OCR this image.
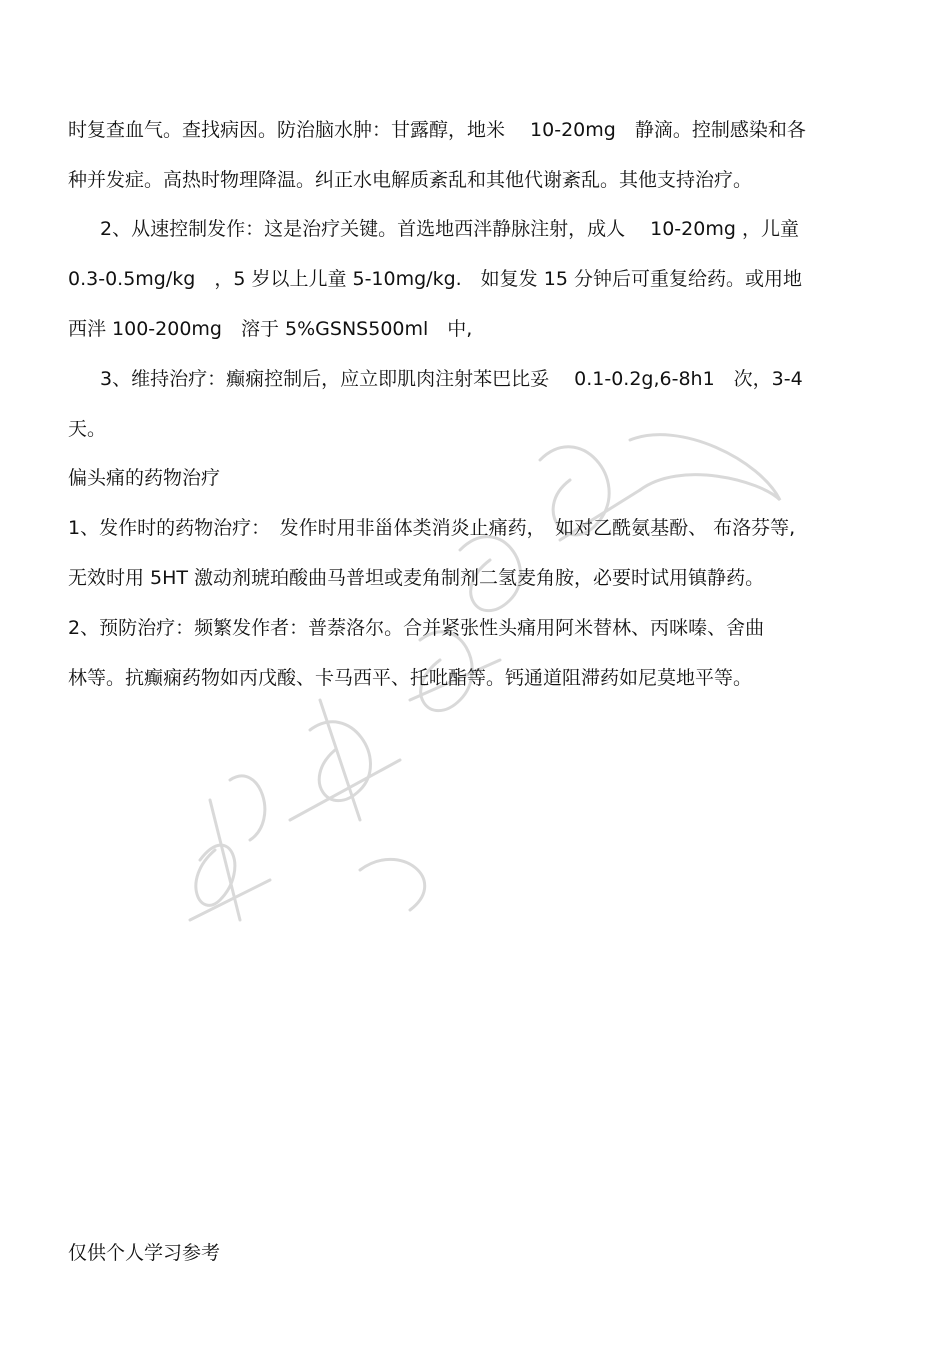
时复查血气。查找病因。防治脑水肿：甘露醇，地米　 10-20mg　静滴。控制感染和各
种并发症。高热时物理降温。纠正水电解质紊乱和其他代谢紊乱。其他支持治疗。
2、从速控制发作：这是治疗关键。首选地西泮静脉注射，成人　 10-20mg ，儿童
0.3-0.5mg/kg　，5 岁以上儿童 5-10mg/kg.　如复发 15 分钟后可重复给药。或用地
西泮 100-200mg　溶于 5%GSNS500ml　中,
3、维持治疗：癫痫控制后，应立即肌肉注射苯巴比妥　 0.1-0.2g,6-8h1　次，3-4
天。
偏头痛的药物治疗
1、发作时的药物治疗：　发作时用非甾体类消炎止痛药，　如对乙酰氨基酚、 布洛芬等,
无效时用 5HT 激动剂琥珀酸曲马普坦或麦角制剂二氢麦角胺，必要时试用镇静药。
2、预防治疗：频繁发作者：普萘洛尔。合并紧张性头痛用阿米替林、丙咪嗪、舍曲
林等。抗癫痫药物如丙戊酸、卡马西平、托吡酯等。钙通道阻滞药如尼莫地平等。
仅供个人学习参考
